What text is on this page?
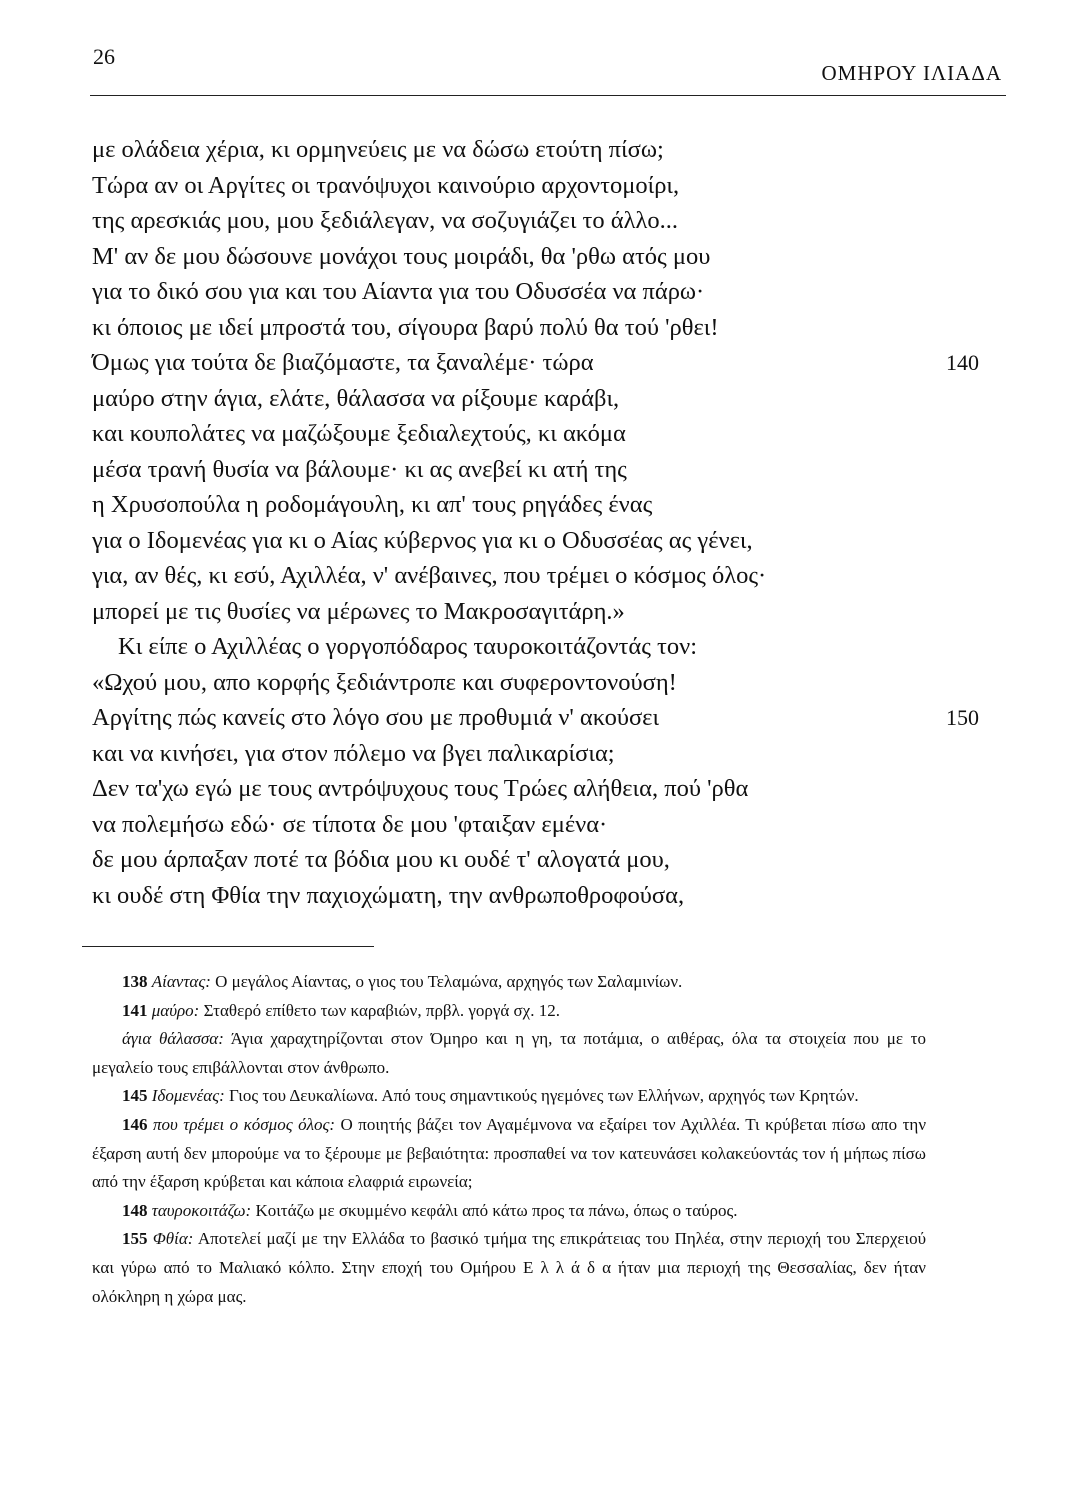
26
ΟΜΗΡΟΥ ΙΛΙΑΔΑ
με ολάδεια χέρια, κι ορμηνεύεις με να δώσω ετούτη πίσω;
Τώρα αν οι Αργίτες οι τρανόψυχοι καινούριο αρχοντομοίρι,
της αρεσκιάς μου, μου ξεδιάλεγαν, να σοζυγιάζει το άλλο...
Μ' αν δε μου δώσουνε μονάχοι τους μοιράδι, θα 'ρθω ατός μου
για το δικό σου για και του Αίαντα για του Οδυσσέα να πάρω·
κι όποιος με ιδεί μπροστά του, σίγουρα βαρύ πολύ θα τού 'ρθει!
Όμως για τούτα δε βιαζόμαστε, τα ξαναλέμε· τώρα	140
μαύρο στην άγια, ελάτε, θάλασσα να ρίξουμε καράβι,
και κουπολάτες να μαζώξουμε ξεδιαλεχτούς, κι ακόμα
μέσα τρανή θυσία να βάλουμε· κι ας ανεβεί κι ατή της
η Χρυσοπούλα η ροδομάγουλη, κι απ' τους ρηγάδες ένας
για ο Ιδομενέας για κι ο Αίας κύβερνος για κι ο Οδυσσέας ας γένει,
για, αν θές, κι εσύ, Αχιλλέα, ν' ανέβαινες, που τρέμει ο κόσμος όλος·
μπορεί με τις θυσίες να μέρωνες το Μακροσαγιτάρη.»
Κι είπε ο Αχιλλέας ο γοργοπόδαρος ταυροκοιτάζοντάς τον:
«Ωχού μου, απο κορφής ξεδιάντροπε και συφεροντονούση!
Αργίτης πώς κανείς στο λόγο σου με προθυμιά ν' ακούσει	150
και να κινήσει, για στον πόλεμο να βγει παλικαρίσια;
Δεν τα'χω εγώ με τους αντρόψυχους τους Τρώες αλήθεια, πού 'ρθα
να πολεμήσω εδώ· σε τίποτα δε μου 'φταιξαν εμένα·
δε μου άρπαξαν ποτέ τα βόδια μου κι ουδέ τ' αλογατά μου,
κι ουδέ στη Φθία την παχιοχώματη, την ανθρωποθροφούσα,

138 Αίαντας: Ο μεγάλος Αίαντας, ο γιος του Τελαμώνα, αρχηγός των Σαλαμινίων.

141 μαύρο: Σταθερό επίθετο των καραβιών, πρβλ. γοργά σχ. 12.

άγια θάλασσα: Άγια χαραχτηρίζονται στον Όμηρο και η γη, τα ποτάμια, ο αιθέρας, όλα τα στοιχεία που με το μεγαλείο τους επιβάλλονται στον άνθρωπο.

145 Ιδομενέας: Γιος του Δευκαλίωνα. Από τους σημαντικούς ηγεμόνες των Ελλήνων, αρχηγός των Κρητών.

146 που τρέμει ο κόσμος όλος: Ο ποιητής βάζει τον Αγαμέμνονα να εξαίρει τον Αχιλλέα. Τι κρύβεται πίσω απο την έξαρση αυτή δεν μπορούμε να το ξέρουμε με βεβαιότητα: προσπαθεί να τον κατευνάσει κολακεύοντάς τον ή μήπως πίσω από την έξαρση κρύβεται και κάποια ελαφριά ειρωνεία;

148 ταυροκοιτάζω: Κοιτάζω με σκυμμένο κεφάλι από κάτω προς τα πάνω, όπως ο ταύρος.

155 Φθία: Αποτελεί μαζί με την Ελλάδα το βασικό τμήμα της επικράτειας του Πηλέα, στην περιοχή του Σπερχειού και γύρω από το Μαλιακό κόλπο. Στην εποχή του Ομήρου Ε λ λ ά δ α ήταν μια περιοχή της Θεσσαλίας, δεν ήταν ολόκληρη η χώρα μας.
